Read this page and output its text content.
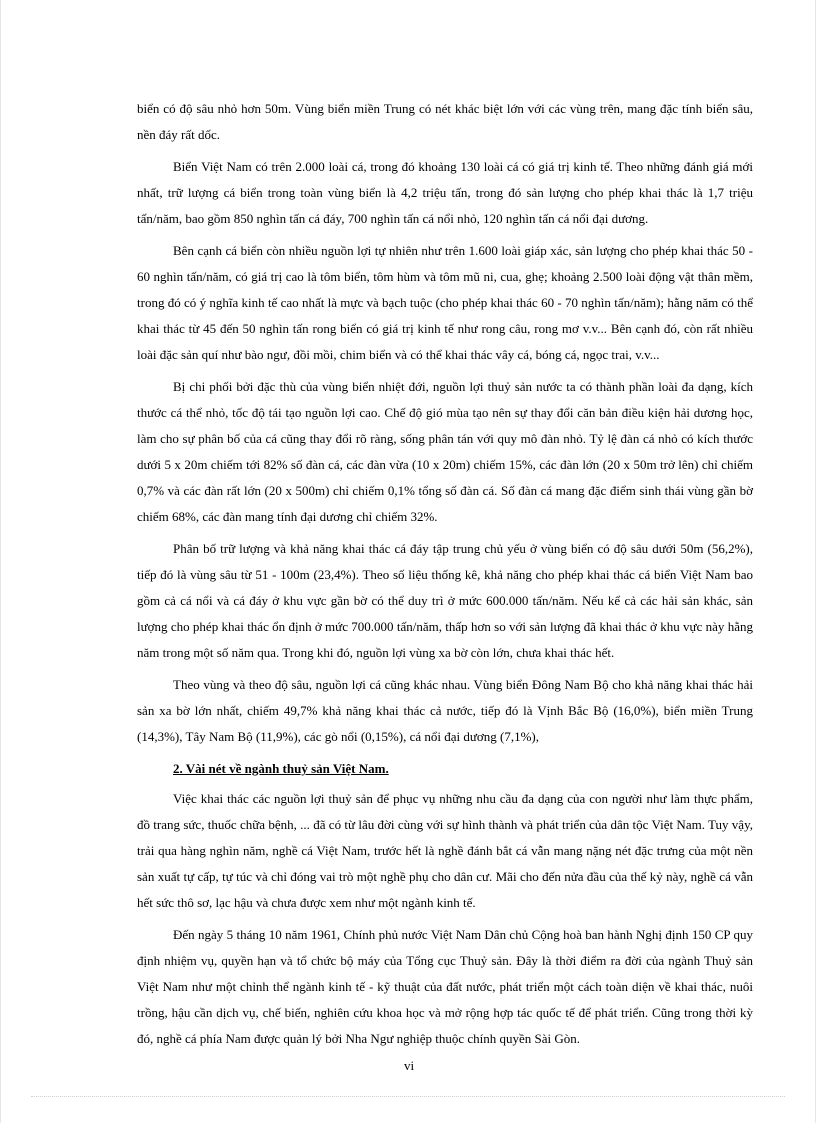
biển có độ sâu nhỏ hơn 50m. Vùng biển miền Trung có nét khác biệt lớn với các vùng trên, mang đặc tính biển sâu, nền đáy rất dốc.

Biển Việt Nam có trên 2.000 loài cá, trong đó khoảng 130 loài cá có giá trị kinh tế. Theo những đánh giá mới nhất, trữ lượng cá biển trong toàn vùng biển là 4,2 triệu tấn, trong đó sản lượng cho phép khai thác là 1,7 triệu tấn/năm, bao gồm 850 nghìn tấn cá đáy, 700 nghìn tấn cá nổi nhỏ, 120 nghìn tấn cá nổi đại dương.

Bên cạnh cá biển còn nhiều nguồn lợi tự nhiên như trên 1.600 loài giáp xác, sản lượng cho phép khai thác 50 - 60 nghìn tấn/năm, có giá trị cao là tôm biển, tôm hùm và tôm mũ ni, cua, ghẹ; khoảng 2.500 loài động vật thân mềm, trong đó có ý nghĩa kinh tế cao nhất là mực và bạch tuộc (cho phép khai thác 60 - 70 nghìn tấn/năm); hằng năm có thể khai thác từ 45 đến 50 nghìn tấn rong biển có giá trị kinh tế như rong câu, rong mơ v.v... Bên cạnh đó, còn rất nhiều loài đặc sản quí như bào ngư, đồi mồi, chim biển và có thể khai thác vây cá, bóng cá, ngọc trai, v.v...

Bị chi phối bởi đặc thù của vùng biển nhiệt đới, nguồn lợi thuỷ sản nước ta có thành phần loài đa dạng, kích thước cá thể nhỏ, tốc độ tái tạo nguồn lợi cao. Chế độ gió mùa tạo nên sự thay đổi căn bản điều kiện hải dương học, làm cho sự phân bố của cá cũng thay đổi rõ ràng, sống phân tán với quy mô đàn nhỏ. Tỷ lệ đàn cá nhỏ có kích thước dưới 5 x 20m chiếm tới 82% số đàn cá, các đàn vừa (10 x 20m) chiếm 15%, các đàn lớn (20 x 50m trở lên) chỉ chiếm 0,7% và các đàn rất lớn (20 x 500m) chỉ chiếm 0,1% tổng số đàn cá. Số đàn cá mang đặc điểm sinh thái vùng gần bờ chiếm 68%, các đàn mang tính đại dương chỉ chiếm 32%.

Phân bố trữ lượng và khả năng khai thác cá đáy tập trung chủ yếu ở vùng biển có độ sâu dưới 50m (56,2%), tiếp đó là vùng sâu từ 51 - 100m (23,4%). Theo số liệu thống kê, khả năng cho phép khai thác cá biển Việt Nam bao gồm cả cá nổi và cá đáy ở khu vực gần bờ có thể duy trì ở mức 600.000 tấn/năm. Nếu kể cả các hải sản khác, sản lượng cho phép khai thác ổn định ở mức 700.000 tấn/năm, thấp hơn so với sản lượng đã khai thác ở khu vực này hằng năm trong một số năm qua. Trong khi đó, nguồn lợi vùng xa bờ còn lớn, chưa khai thác hết.

Theo vùng và theo độ sâu, nguồn lợi cá cũng khác nhau. Vùng biển Đông Nam Bộ cho khả năng khai thác hải sản xa bờ lớn nhất, chiếm 49,7% khả năng khai thác cả nước, tiếp đó là Vịnh Bắc Bộ (16,0%), biển miền Trung (14,3%), Tây Nam Bộ (11,9%), các gò nổi (0,15%), cá nổi đại dương (7,1%),

2. Vài nét về ngành thuỷ sản Việt Nam.

Việc khai thác các nguồn lợi thuỷ sản để phục vụ những nhu cầu đa dạng của con người như làm thực phẩm, đồ trang sức, thuốc chữa bệnh, ... đã có từ lâu đời cùng với sự hình thành và phát triển của dân tộc Việt Nam. Tuy vậy, trải qua hàng nghìn năm, nghề cá Việt Nam, trước hết là nghề đánh bắt cá vẫn mang nặng nét đặc trưng của một nền sản xuất tự cấp, tự túc và chỉ đóng vai trò một nghề phụ cho dân cư. Mãi cho đến nửa đầu của thế kỷ này, nghề cá vẫn hết sức thô sơ, lạc hậu và chưa được xem như một ngành kinh tế.

Đến ngày 5 tháng 10 năm 1961, Chính phủ nước Việt Nam Dân chủ Cộng hoà ban hành Nghị định 150 CP quy định nhiệm vụ, quyền hạn và tổ chức bộ máy của Tổng cục Thuỷ sản. Đây là thời điểm ra đời của ngành Thuỷ sản Việt Nam như một chỉnh thể ngành kinh tế - kỹ thuật của đất nước, phát triển một cách toàn diện về khai thác, nuôi trồng, hậu cần dịch vụ, chế biến, nghiên cứu khoa học và mở rộng hợp tác quốc tế để phát triển. Cũng trong thời kỳ đó, nghề cá phía Nam được quản lý bởi Nha Ngư nghiệp thuộc chính quyền Sài Gòn.

vi
